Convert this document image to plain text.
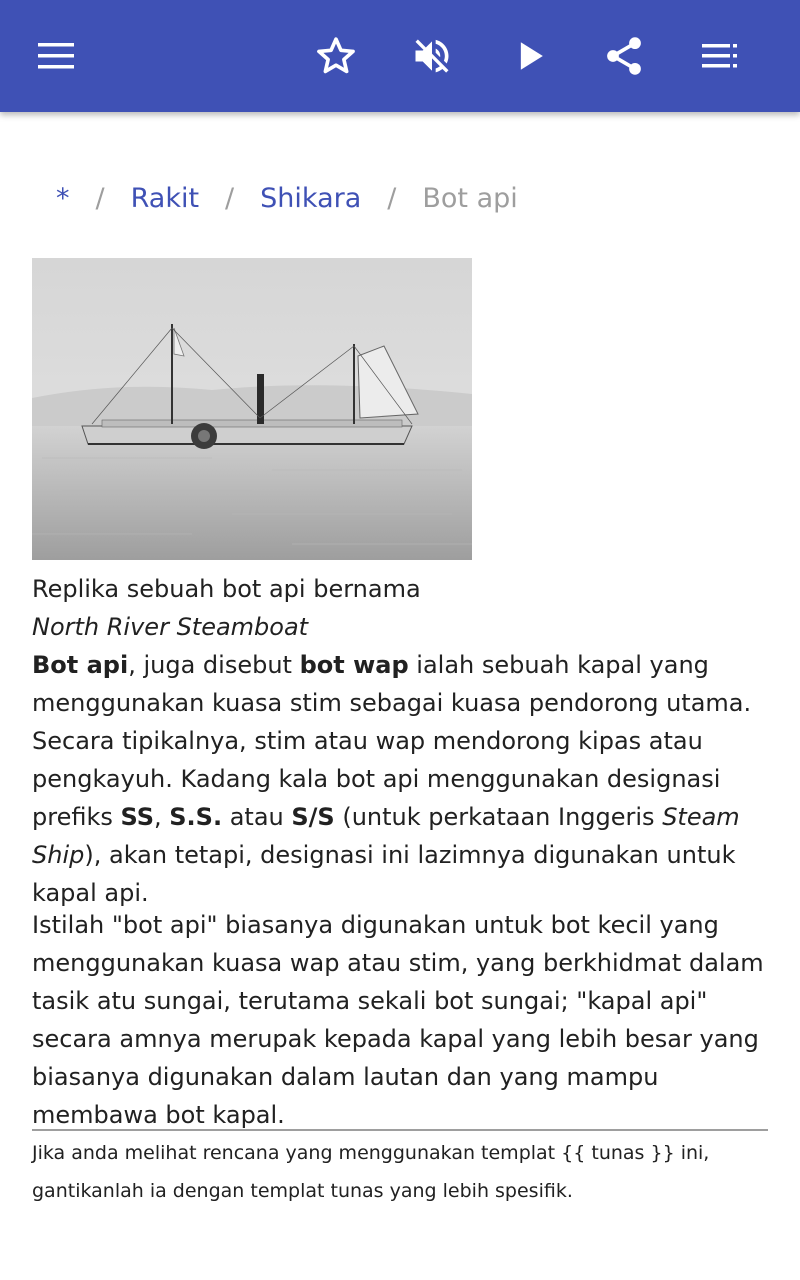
* / Rakit / Shikara / Bot api
Replika sebuah bot api bernama North River Steamboat

Bot api, juga disebut bot wap ialah sebuah kapal yang menggunakan kuasa stim sebagai kuasa pendorong utama. Secara tipikalnya, stim atau wap mendorong kipas atau pengkayuh. Kadang kala bot api menggunakan designasi prefiks SS, S.S. atau S/S (untuk perkataan Inggeris Steam Ship), akan tetapi, designasi ini lazimnya digunakan untuk kapal api.

Istilah "bot api" biasanya digunakan untuk bot kecil yang menggunakan kuasa wap atau stim, yang berkhidmat dalam tasik atu sungai, terutama sekali bot sungai; "kapal api" secara amnya merupak kepada kapal yang lebih besar yang biasanya digunakan dalam lautan dan yang mampu membawa bot kapal.

Jika anda melihat rencana yang menggunakan templat {{ tunas }} ini, gantikanlah ia dengan templat tunas yang lebih spesifik.
